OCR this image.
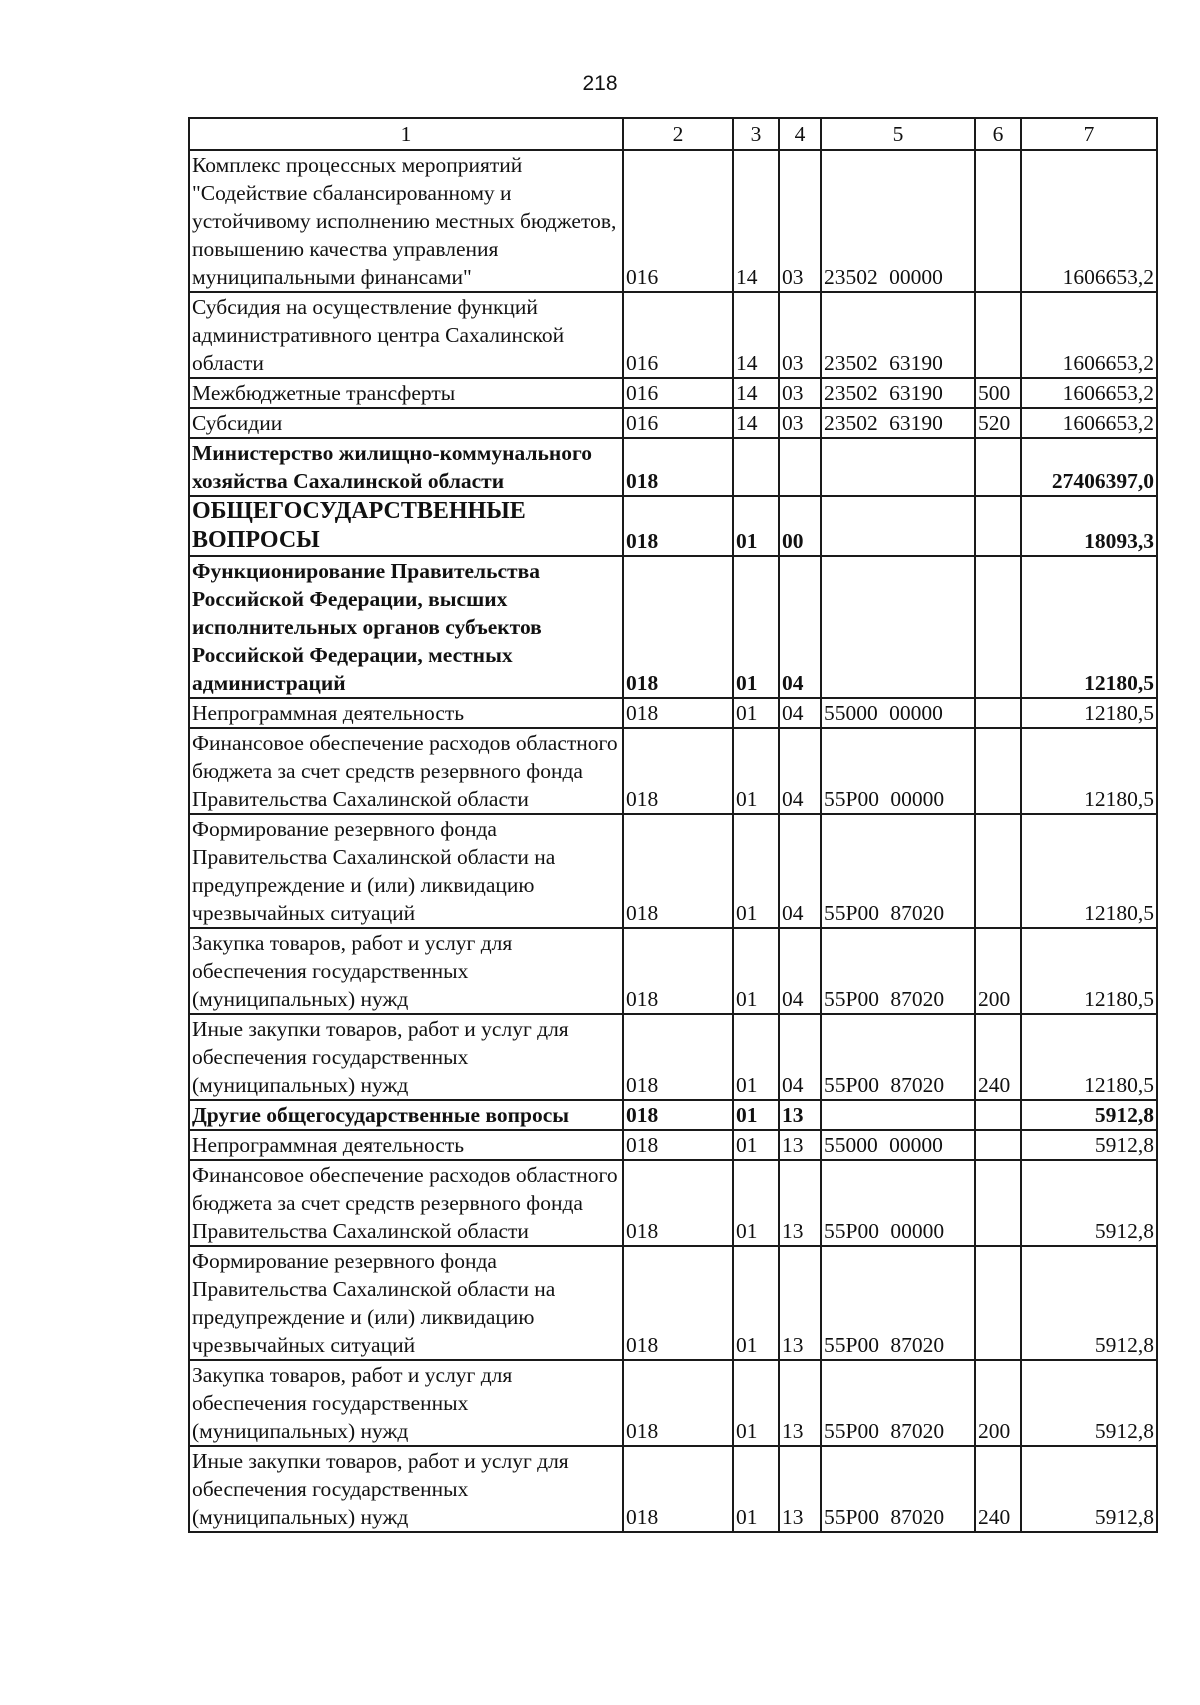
218
1	2	3	4	5	6	7
Комплекс процессных мероприятий "Содействие сбалансированному и устойчивому исполнению местных бюджетов, повышению качества управления муниципальными финансами"	016	14	03	23502 00000		1606653,2
Субсидия на осуществление функций административного центра Сахалинской области	016	14	03	23502 63190		1606653,2
Межбюджетные трансферты	016	14	03	23502 63190	500	1606653,2
Субсидии	016	14	03	23502 63190	520	1606653,2
Министерство жилищно-коммунального хозяйства Сахалинской области	018					27406397,0
ОБЩЕГОСУДАРСТВЕННЫЕ ВОПРОСЫ	018	01	00			18093,3
Функционирование Правительства Российской Федерации, высших исполнительных органов субъектов Российской Федерации, местных администраций	018	01	04			12180,5
Непрограммная деятельность	018	01	04	55000 00000		12180,5
Финансовое обеспечение расходов областного бюджета за счет средств резервного фонда Правительства Сахалинской области	018	01	04	55Р00 00000		12180,5
Формирование резервного фонда Правительства Сахалинской области на предупреждение и (или) ликвидацию чрезвычайных ситуаций	018	01	04	55Р00 87020		12180,5
Закупка товаров, работ и услуг для обеспечения государственных (муниципальных) нужд	018	01	04	55Р00 87020	200	12180,5
Иные закупки товаров, работ и услуг для обеспечения государственных (муниципальных) нужд	018	01	04	55Р00 87020	240	12180,5
Другие общегосударственные вопросы	018	01	13			5912,8
Непрограммная деятельность	018	01	13	55000 00000		5912,8
Финансовое обеспечение расходов областного бюджета за счет средств резервного фонда Правительства Сахалинской области	018	01	13	55Р00 00000		5912,8
Формирование резервного фонда Правительства Сахалинской области на предупреждение и (или) ликвидацию чрезвычайных ситуаций	018	01	13	55Р00 87020		5912,8
Закупка товаров, работ и услуг для обеспечения государственных (муниципальных) нужд	018	01	13	55Р00 87020	200	5912,8
Иные закупки товаров, работ и услуг для обеспечения государственных (муниципальных) нужд	018	01	13	55Р00 87020	240	5912,8
